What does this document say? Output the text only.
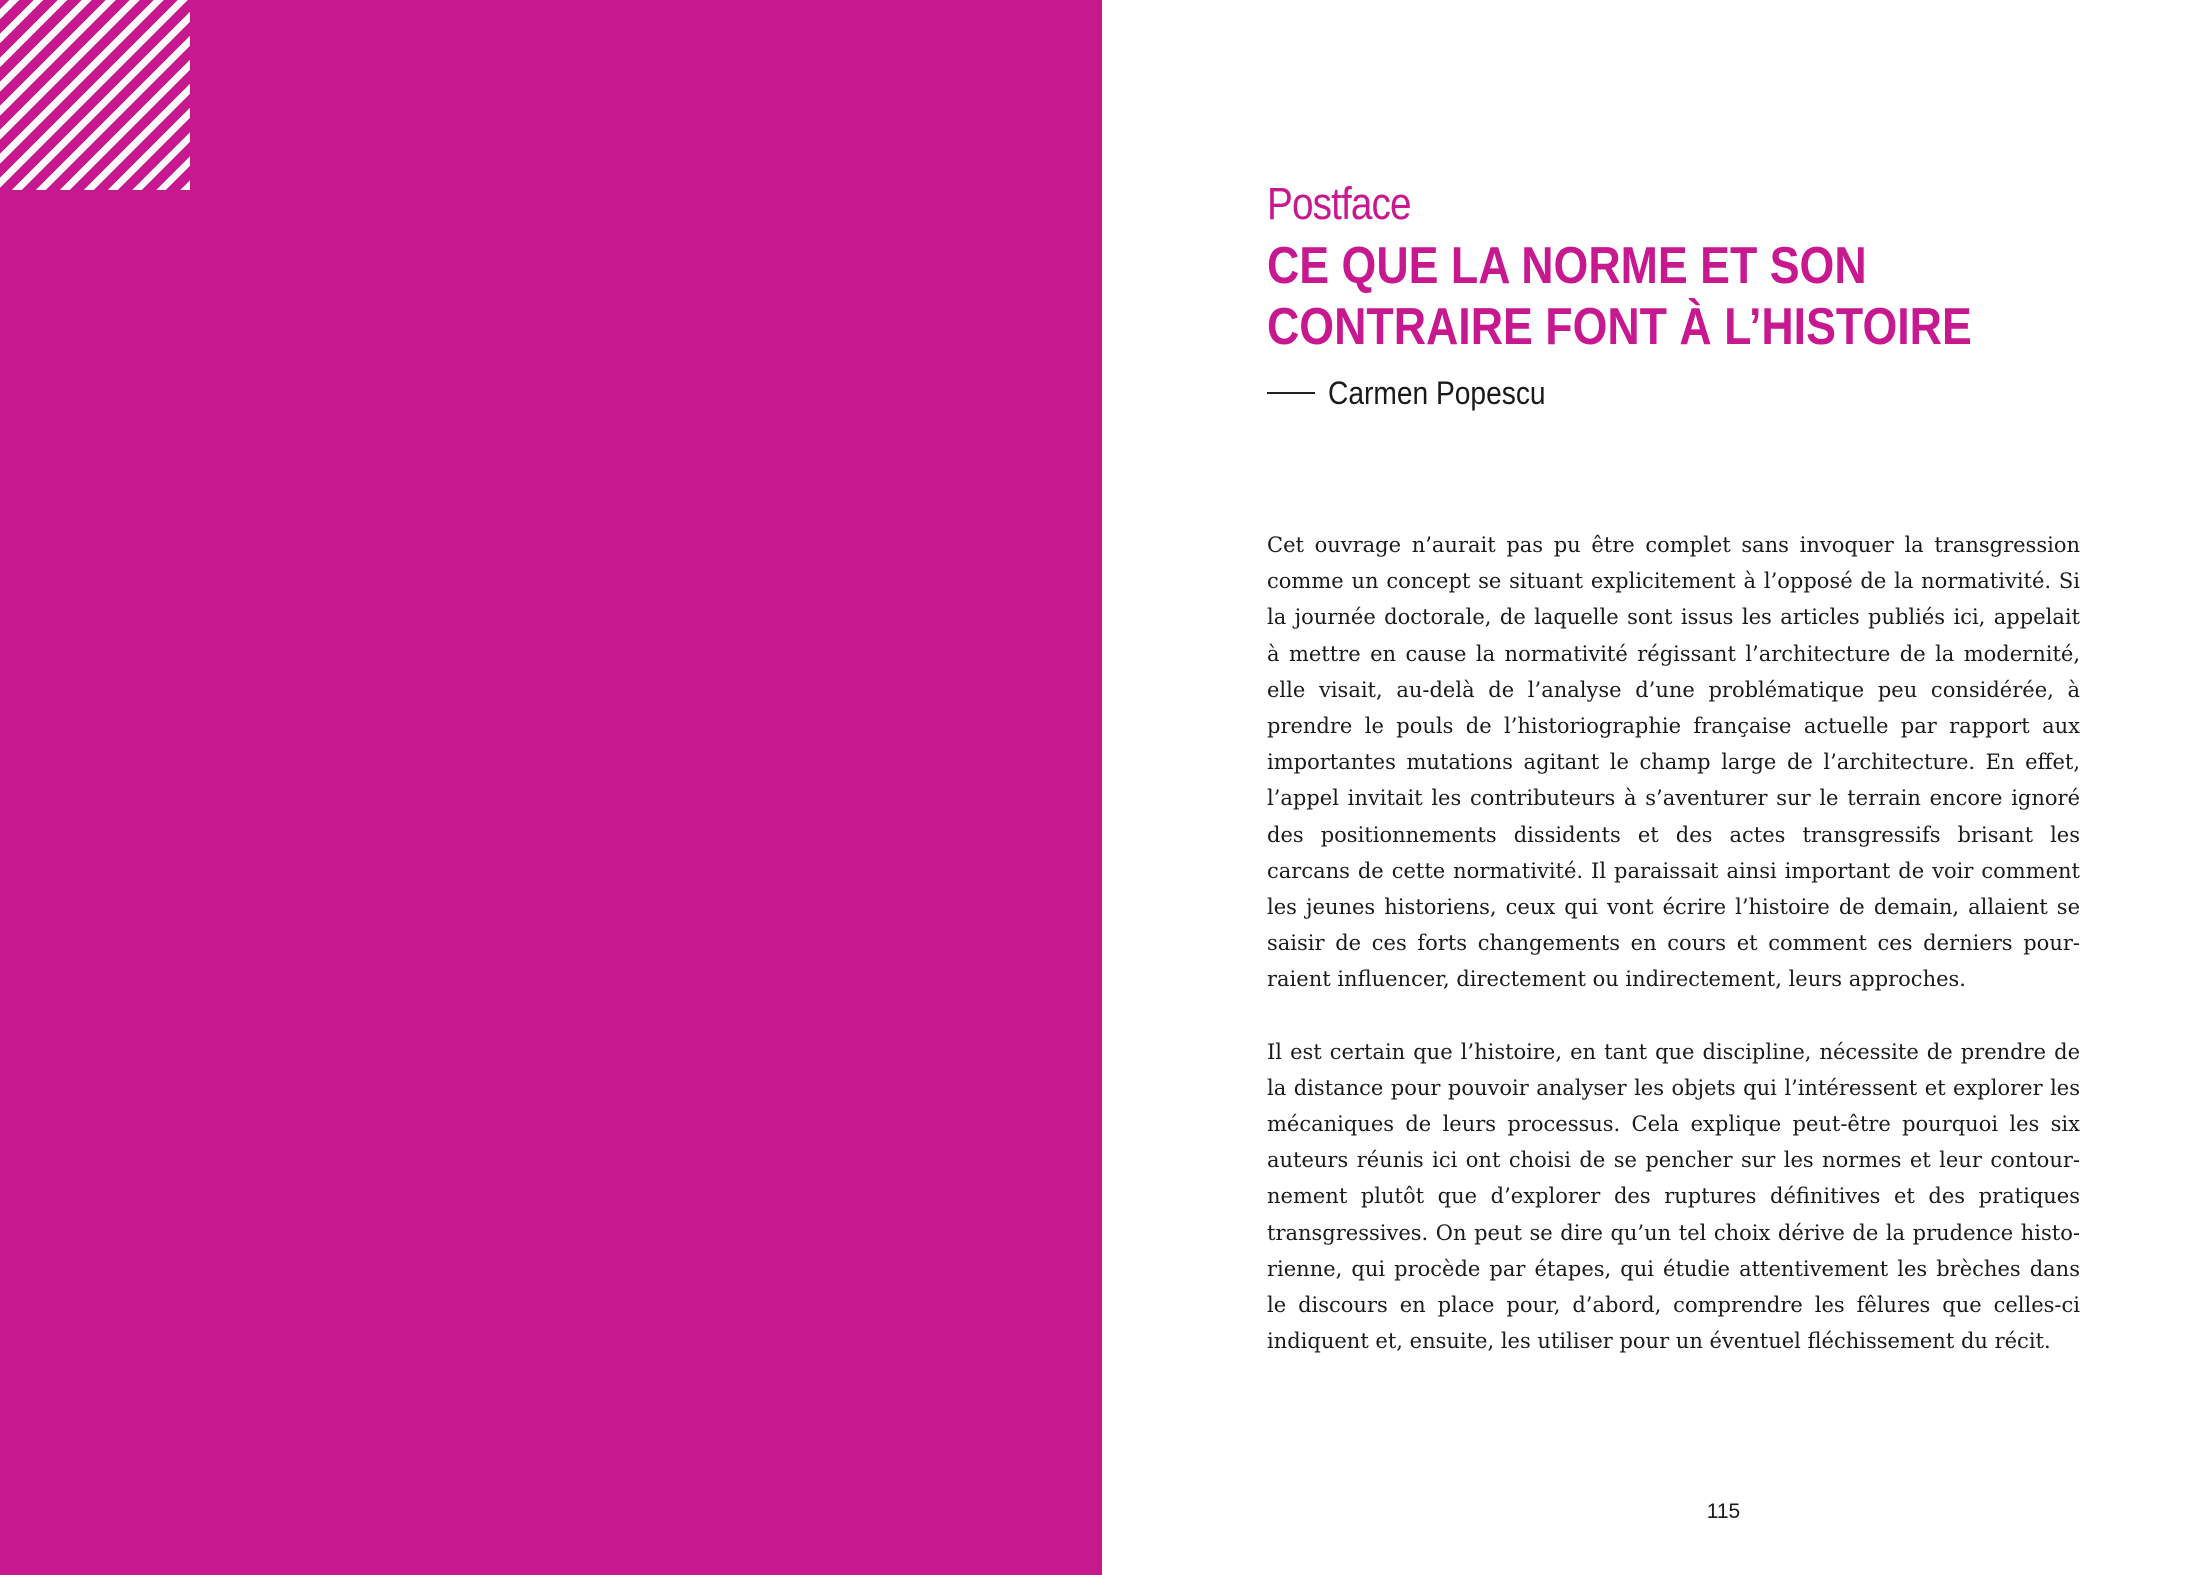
Postface
CE QUE LA NORME ET SON
CONTRAIRE FONT À L’HISTOIRE
Carmen Popescu

Cet ouvrage n’aurait pas pu être complet sans invoquer la transgression comme un concept se situant explicitement à l’opposé de la normativité. Si la journée doctorale, de laquelle sont issus les articles publiés ici, appelait à mettre en cause la normativité régissant l’architecture de la modernité, elle visait, au-delà de l’analyse d’une problématique peu considérée, à prendre le pouls de l’historiographie française actuelle par rapport aux importantes mutations agitant le champ large de l’architecture. En effet, l’appel invitait les contributeurs à s’aventurer sur le terrain encore ignoré des positionnements dissidents et des actes transgressifs brisant les carcans de cette normativité. Il paraissait ainsi important de voir comment les jeunes historiens, ceux qui vont écrire l’histoire de demain, allaient se saisir de ces forts changements en cours et comment ces derniers pourraient influencer, directement ou indirectement, leurs approches.

Il est certain que l’histoire, en tant que discipline, nécessite de prendre de la distance pour pouvoir analyser les objets qui l’intéressent et explorer les mécaniques de leurs processus. Cela explique peut-être pourquoi les six auteurs réunis ici ont choisi de se pencher sur les normes et leur contournement plutôt que d’explorer des ruptures définitives et des pratiques transgressives. On peut se dire qu’un tel choix dérive de la prudence historienne, qui procède par étapes, qui étudie attentivement les brèches dans le discours en place pour, d’abord, comprendre les fêlures que celles-ci indiquent et, ensuite, les utiliser pour un éventuel fléchissement du récit.

115
